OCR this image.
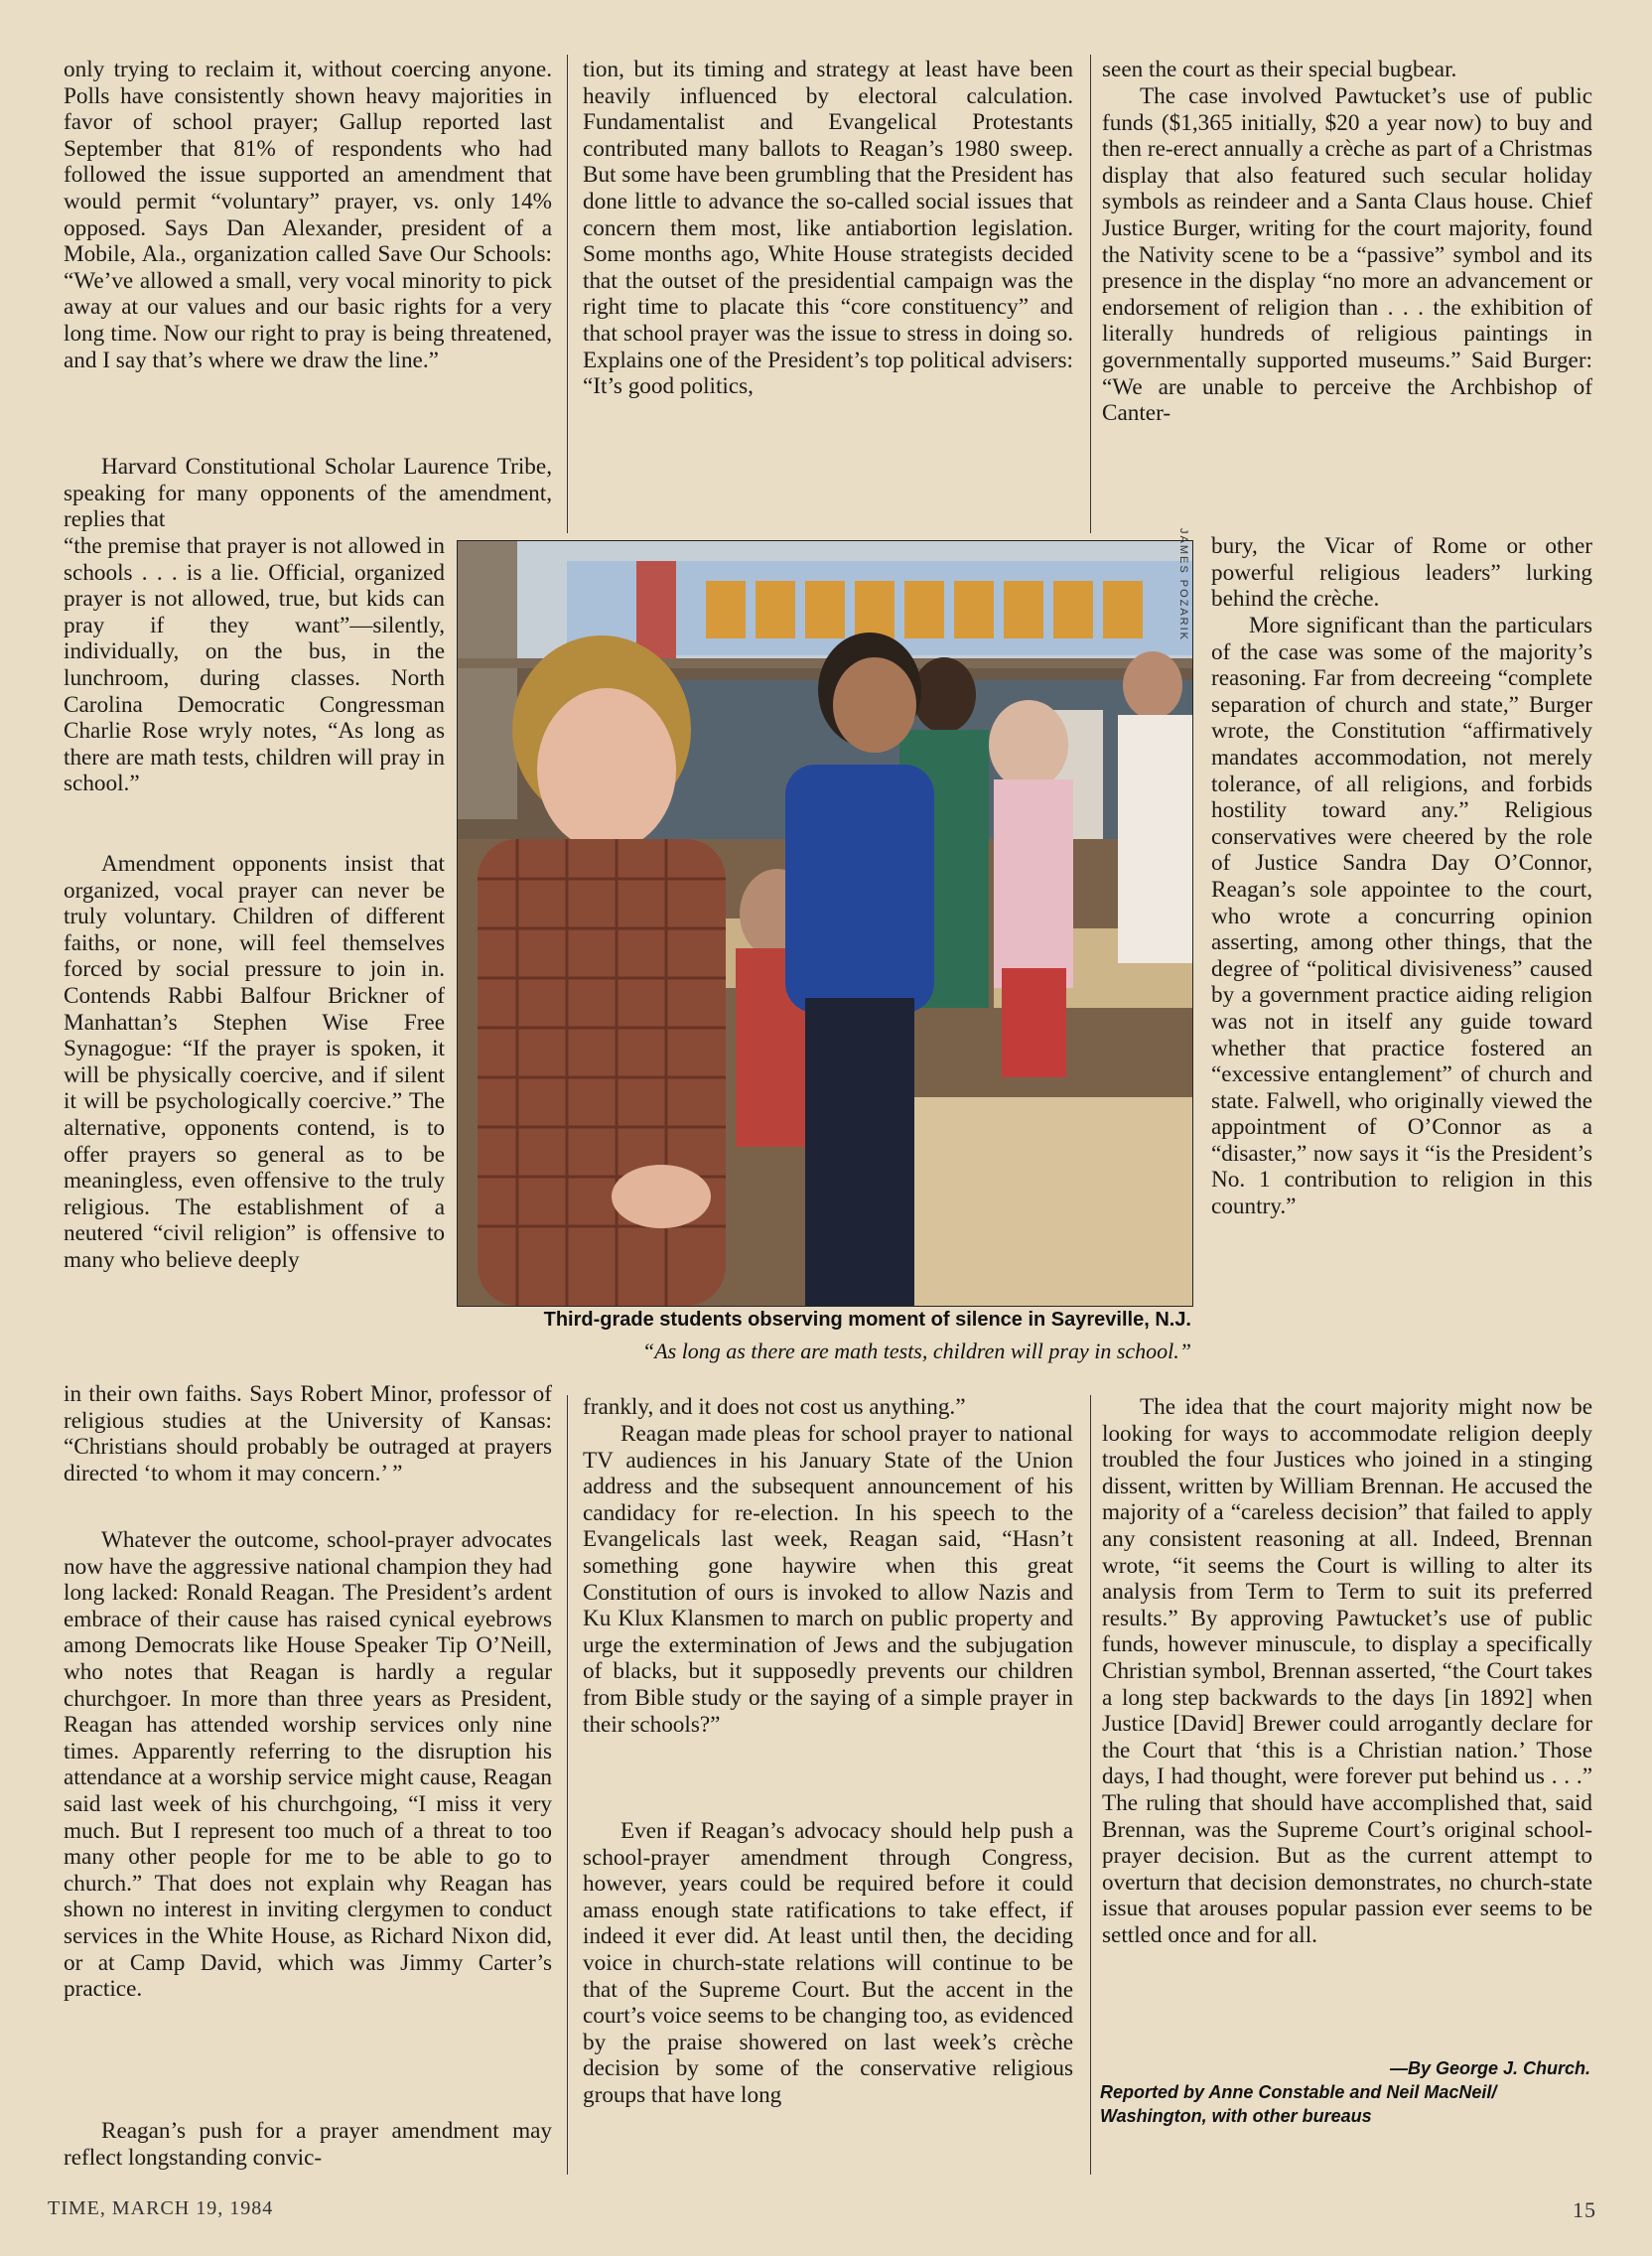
only trying to reclaim it, without coercing anyone. Polls have consistently shown heavy majorities in favor of school prayer; Gallup reported last September that 81% of respondents who had followed the issue supported an amendment that would permit “voluntary” prayer, vs. only 14% opposed. Says Dan Alexander, president of a Mobile, Ala., organization called Save Our Schools: “We’ve allowed a small, very vocal minority to pick away at our values and our basic rights for a very long time. Now our right to pray is being threatened, and I say that’s where we draw the line.”

Harvard Constitutional Scholar Laurence Tribe, speaking for many opponents of the amendment, replies that

“the premise that prayer is not allowed in schools . . . is a lie. Official, organized prayer is not allowed, true, but kids can pray if they want”—silently, individually, on the bus, in the lunchroom, during classes. North Carolina Democratic Congressman Charlie Rose wryly notes, “As long as there are math tests, children will pray in school.”

Amendment opponents insist that organized, vocal prayer can never be truly voluntary. Children of different faiths, or none, will feel themselves forced by social pressure to join in. Contends Rabbi Balfour Brickner of Manhattan’s Stephen Wise Free Synagogue: “If the prayer is spoken, it will be physically coercive, and if silent it will be psychologically coercive.” The alternative, opponents contend, is to offer prayers so general as to be meaningless, even offensive to the truly religious. The establishment of a neutered “civil religion” is offensive to many who believe deeply

in their own faiths. Says Robert Minor, professor of religious studies at the University of Kansas: “Christians should probably be outraged at prayers directed ‘to whom it may concern.’ ”

Whatever the outcome, school-prayer advocates now have the aggressive national champion they had long lacked: Ronald Reagan. The President’s ardent embrace of their cause has raised cynical eyebrows among Democrats like House Speaker Tip O’Neill, who notes that Reagan is hardly a regular churchgoer. In more than three years as President, Reagan has attended worship services only nine times. Apparently referring to the disruption his attendance at a worship service might cause, Reagan said last week of his churchgoing, “I miss it very much. But I represent too much of a threat to too many other people for me to be able to go to church.” That does not explain why Reagan has shown no interest in inviting clergymen to conduct services in the White House, as Richard Nixon did, or at Camp David, which was Jimmy Carter’s practice.

Reagan’s push for a prayer amendment may reflect longstanding convic-

tion, but its timing and strategy at least have been heavily influenced by electoral calculation. Fundamentalist and Evangelical Protestants contributed many ballots to Reagan’s 1980 sweep. But some have been grumbling that the President has done little to advance the so-called social issues that concern them most, like antiabortion legislation. Some months ago, White House strategists decided that the outset of the presidential campaign was the right time to placate this “core constituency” and that school prayer was the issue to stress in doing so. Explains one of the President’s top political advisers: “It’s good politics,

frankly, and it does not cost us anything.”

Reagan made pleas for school prayer to national TV audiences in his January State of the Union address and the subsequent announcement of his candidacy for re-election. In his speech to the Evangelicals last week, Reagan said, “Hasn’t something gone haywire when this great Constitution of ours is invoked to allow Nazis and Ku Klux Klansmen to march on public property and urge the extermination of Jews and the subjugation of blacks, but it supposedly prevents our children from Bible study or the saying of a simple prayer in their schools?”

Even if Reagan’s advocacy should help push a school-prayer amendment through Congress, however, years could be required before it could amass enough state ratifications to take effect, if indeed it ever did. At least until then, the deciding voice in church-state relations will continue to be that of the Supreme Court. But the accent in the court’s voice seems to be changing too, as evidenced by the praise showered on last week’s crèche decision by some of the conservative religious groups that have long

seen the court as their special bugbear.

The case involved Pawtucket’s use of public funds ($1,365 initially, $20 a year now) to buy and then re-erect annually a crèche as part of a Christmas display that also featured such secular holiday symbols as reindeer and a Santa Claus house. Chief Justice Burger, writing for the court majority, found the Nativity scene to be a “passive” symbol and its presence in the display “no more an advancement or endorsement of religion than . . . the exhibition of literally hundreds of religious paintings in governmentally supported museums.” Said Burger: “We are unable to perceive the Archbishop of Canter-

bury, the Vicar of Rome or other powerful religious leaders” lurking behind the crèche.

More significant than the particulars of the case was some of the majority’s reasoning. Far from decreeing “complete separation of church and state,” Burger wrote, the Constitution “affirmatively mandates accommodation, not merely tolerance, of all religions, and forbids hostility toward any.” Religious conservatives were cheered by the role of Justice Sandra Day O’Connor, Reagan’s sole appointee to the court, who wrote a concurring opinion asserting, among other things, that the degree of “political divisiveness” caused by a government practice aiding religion was not in itself any guide toward whether that practice fostered an “excessive entanglement” of church and state. Falwell, who originally viewed the appointment of O’Connor as a “disaster,” now says it “is the President’s No. 1 contribution to religion in this country.”

The idea that the court majority might now be looking for ways to accommodate religion deeply troubled the four Justices who joined in a stinging dissent, written by William Brennan. He accused the majority of a “careless decision” that failed to apply any consistent reasoning at all. Indeed, Brennan wrote, “it seems the Court is willing to alter its analysis from Term to Term to suit its preferred results.” By approving Pawtucket’s use of public funds, however minuscule, to display a specifically Christian symbol, Brennan asserted, “the Court takes a long step backwards to the days [in 1892] when Justice [David] Brewer could arrogantly declare for the Court that ‘this is a Christian nation.’ Those days, I had thought, were forever put behind us . . .” The ruling that should have accomplished that, said Brennan, was the Supreme Court’s original school-prayer decision. But as the current attempt to overturn that decision demonstrates, no church-state issue that arouses popular passion ever seems to be settled once and for all.

—By George J. Church.
Reported by Anne Constable and Neil MacNeil/ Washington, with other bureaus
JAMES POZARIK
Third-grade students observing moment of silence in Sayreville, N.J.
“As long as there are math tests, children will pray in school.”
TIME, MARCH 19, 1984	15
